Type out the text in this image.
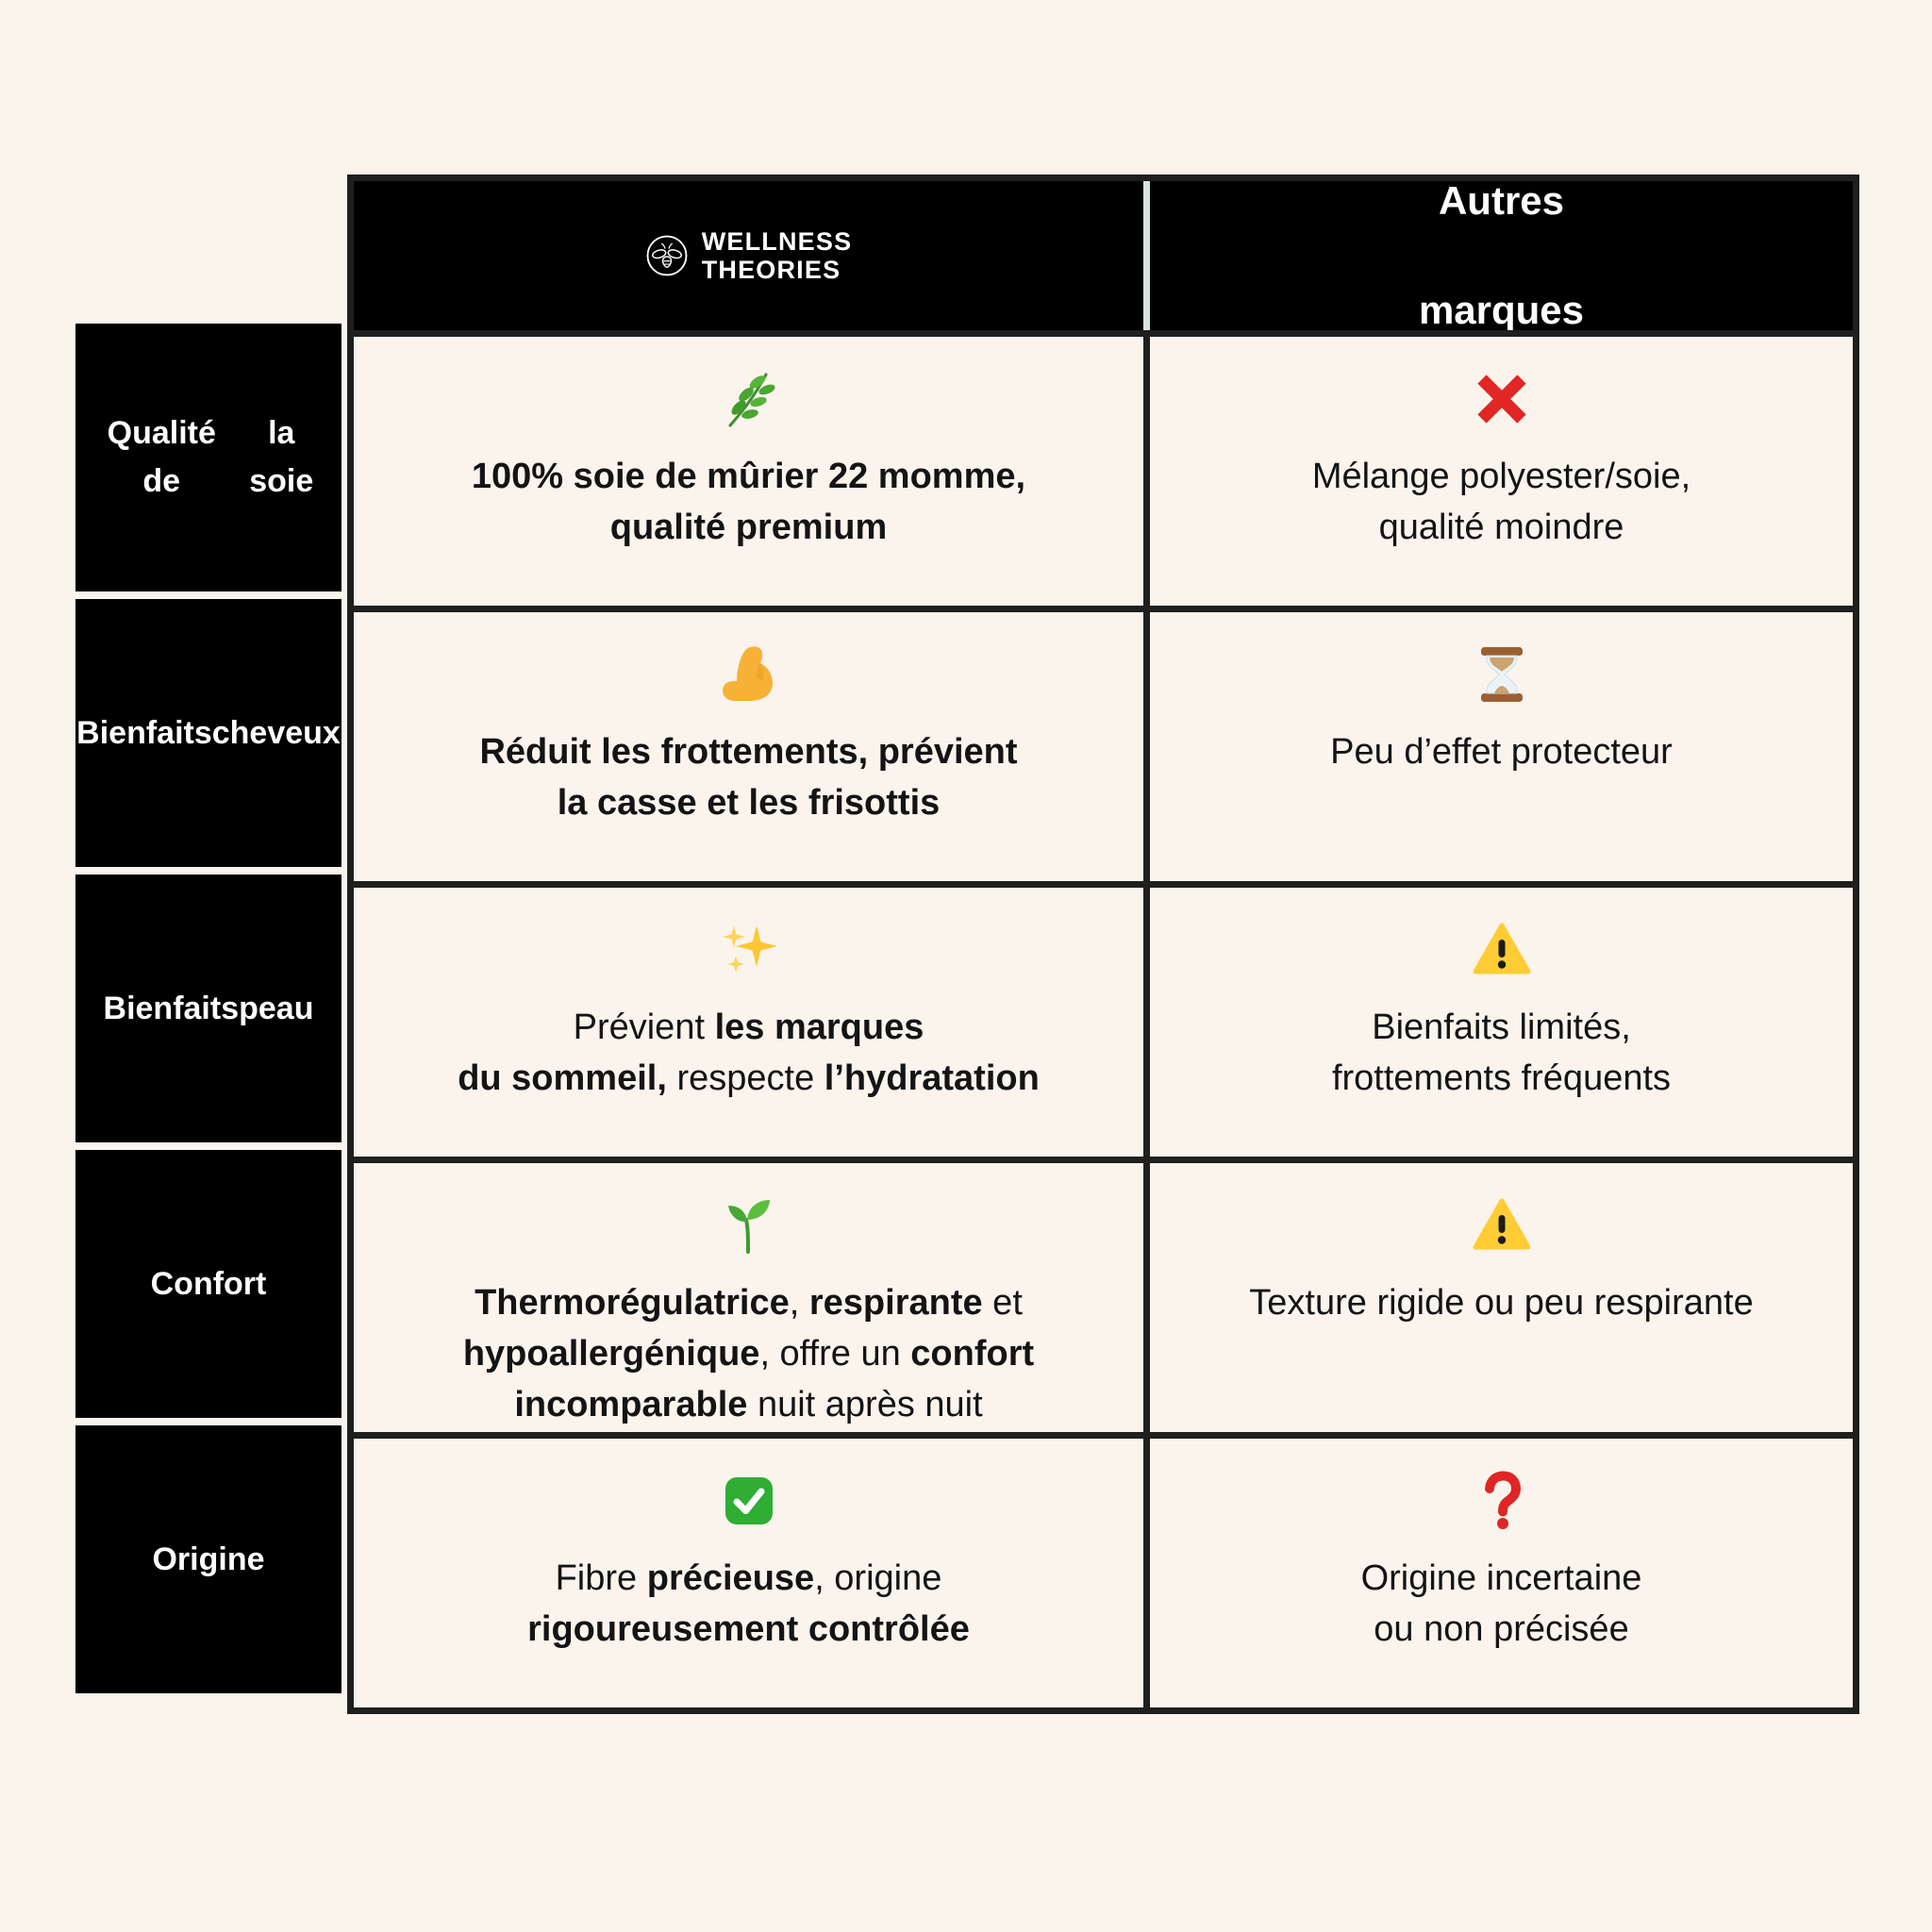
Qualité de

la soie
Bienfaits cheveux
Bienfaits peau
Confort
Origine
WELLNESS
THEORIES
Autres

marques
100% soie de mûrier 22 momme,
qualité premium
Mélange polyester/soie,
qualité moindre
Réduit les frottements, prévient
la casse et les frisottis
Peu d’effet protecteur
Prévient les marques
du sommeil, respecte l’hydratation
Bienfaits limités,
frottements fréquents
Thermorégulatrice, respirante et
hypoallergénique, offre un confort
incomparable nuit après nuit
Texture rigide ou peu respirante
Fibre précieuse, origine
rigoureusement contrôlée
Origine incertaine
ou non précisée
